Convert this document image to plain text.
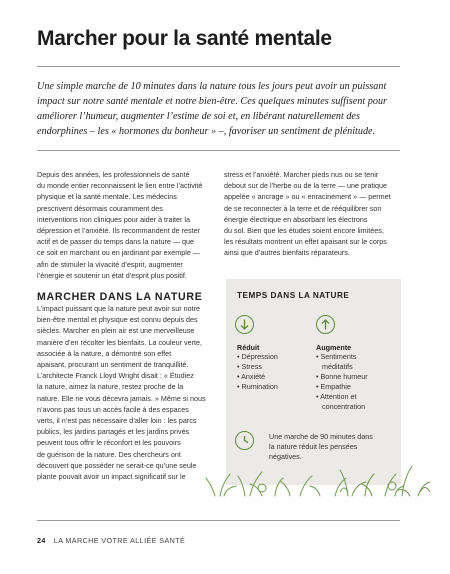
Marcher pour la santé mentale
Une simple marche de 10 minutes dans la nature tous les jours peut avoir un puissant
impact sur notre santé mentale et notre bien-être. Ces quelques minutes suffisent pour
améliorer l’humeur, augmenter l’estime de soi et, en libérant naturellement des
endorphines – les « hormones du bonheur » –, favoriser un sentiment de plénitude.
Depuis des années, les professionnels de santé
du monde entier reconnaissent le lien entre l’activité
physique et la santé mentale. Les médecins
prescrivent désormais couramment des
interventions non cliniques pour aider à traiter la
dépression et l’anxiété. Ils recommandent de rester
actif et de passer du temps dans la nature — que
ce soit en marchant ou en jardinant par exemple —
afin de stimuler la vivacité d’esprit, augmenter
l’énergie et soutenir un état d’esprit plus positif.
stress et l’anxiété. Marcher pieds nus ou se tenir
debout sur de l’herbe ou de la terre — une pratique
appelée « ancrage » ou « enracinement » — permet
de se reconnecter à la terre et de rééquilibrer son
énergie électrique en absorbant les électrons
du sol. Bien que les études soient encore limitées,
les résultats montrent un effet apaisant sur le corps
ainsi que d’autres bienfaits réparateurs.
MARCHER DANS LA NATURE
L’impact puissant que la nature peut avoir sur notre
bien-être mental et physique est connu depuis des
siècles. Marcher en plein air est une merveilleuse
manière d’en récolter les bienfaits. La couleur verte,
associée à la nature, a démontré son effet
apaisant, procurant un sentiment de tranquillité.
L’architecte Franck Lloyd Wright disait : « Étudiez
la nature, aimez la nature, restez proche de la
nature. Elle ne vous décevra jamais. » Même si nous
n’avons pas tous un accès facile à des espaces
verts, il n’est pas nécessaire d’aller loin : les parcs
publics, les jardins partagés et les jardins privés
peuvent tous offrir le réconfort et les pouvoirs
de guérison de la nature. Des chercheurs ont
découvert que posséder ne serait-ce qu’une seule
plante pouvait avoir un impact significatif sur le
TEMPS DANS LA NATURE
Réduit
• Dépression
• Stress
• Anxiété
• Rumination
Augmente
• Sentiments
méditatifs
• Bonne humeur
• Empathie
• Attention et
concentration
Une marche de 90 minutes dans
la nature réduit les pensées
négatives.
24 LA MARCHE VOTRE ALLIÉE SANTÉ
